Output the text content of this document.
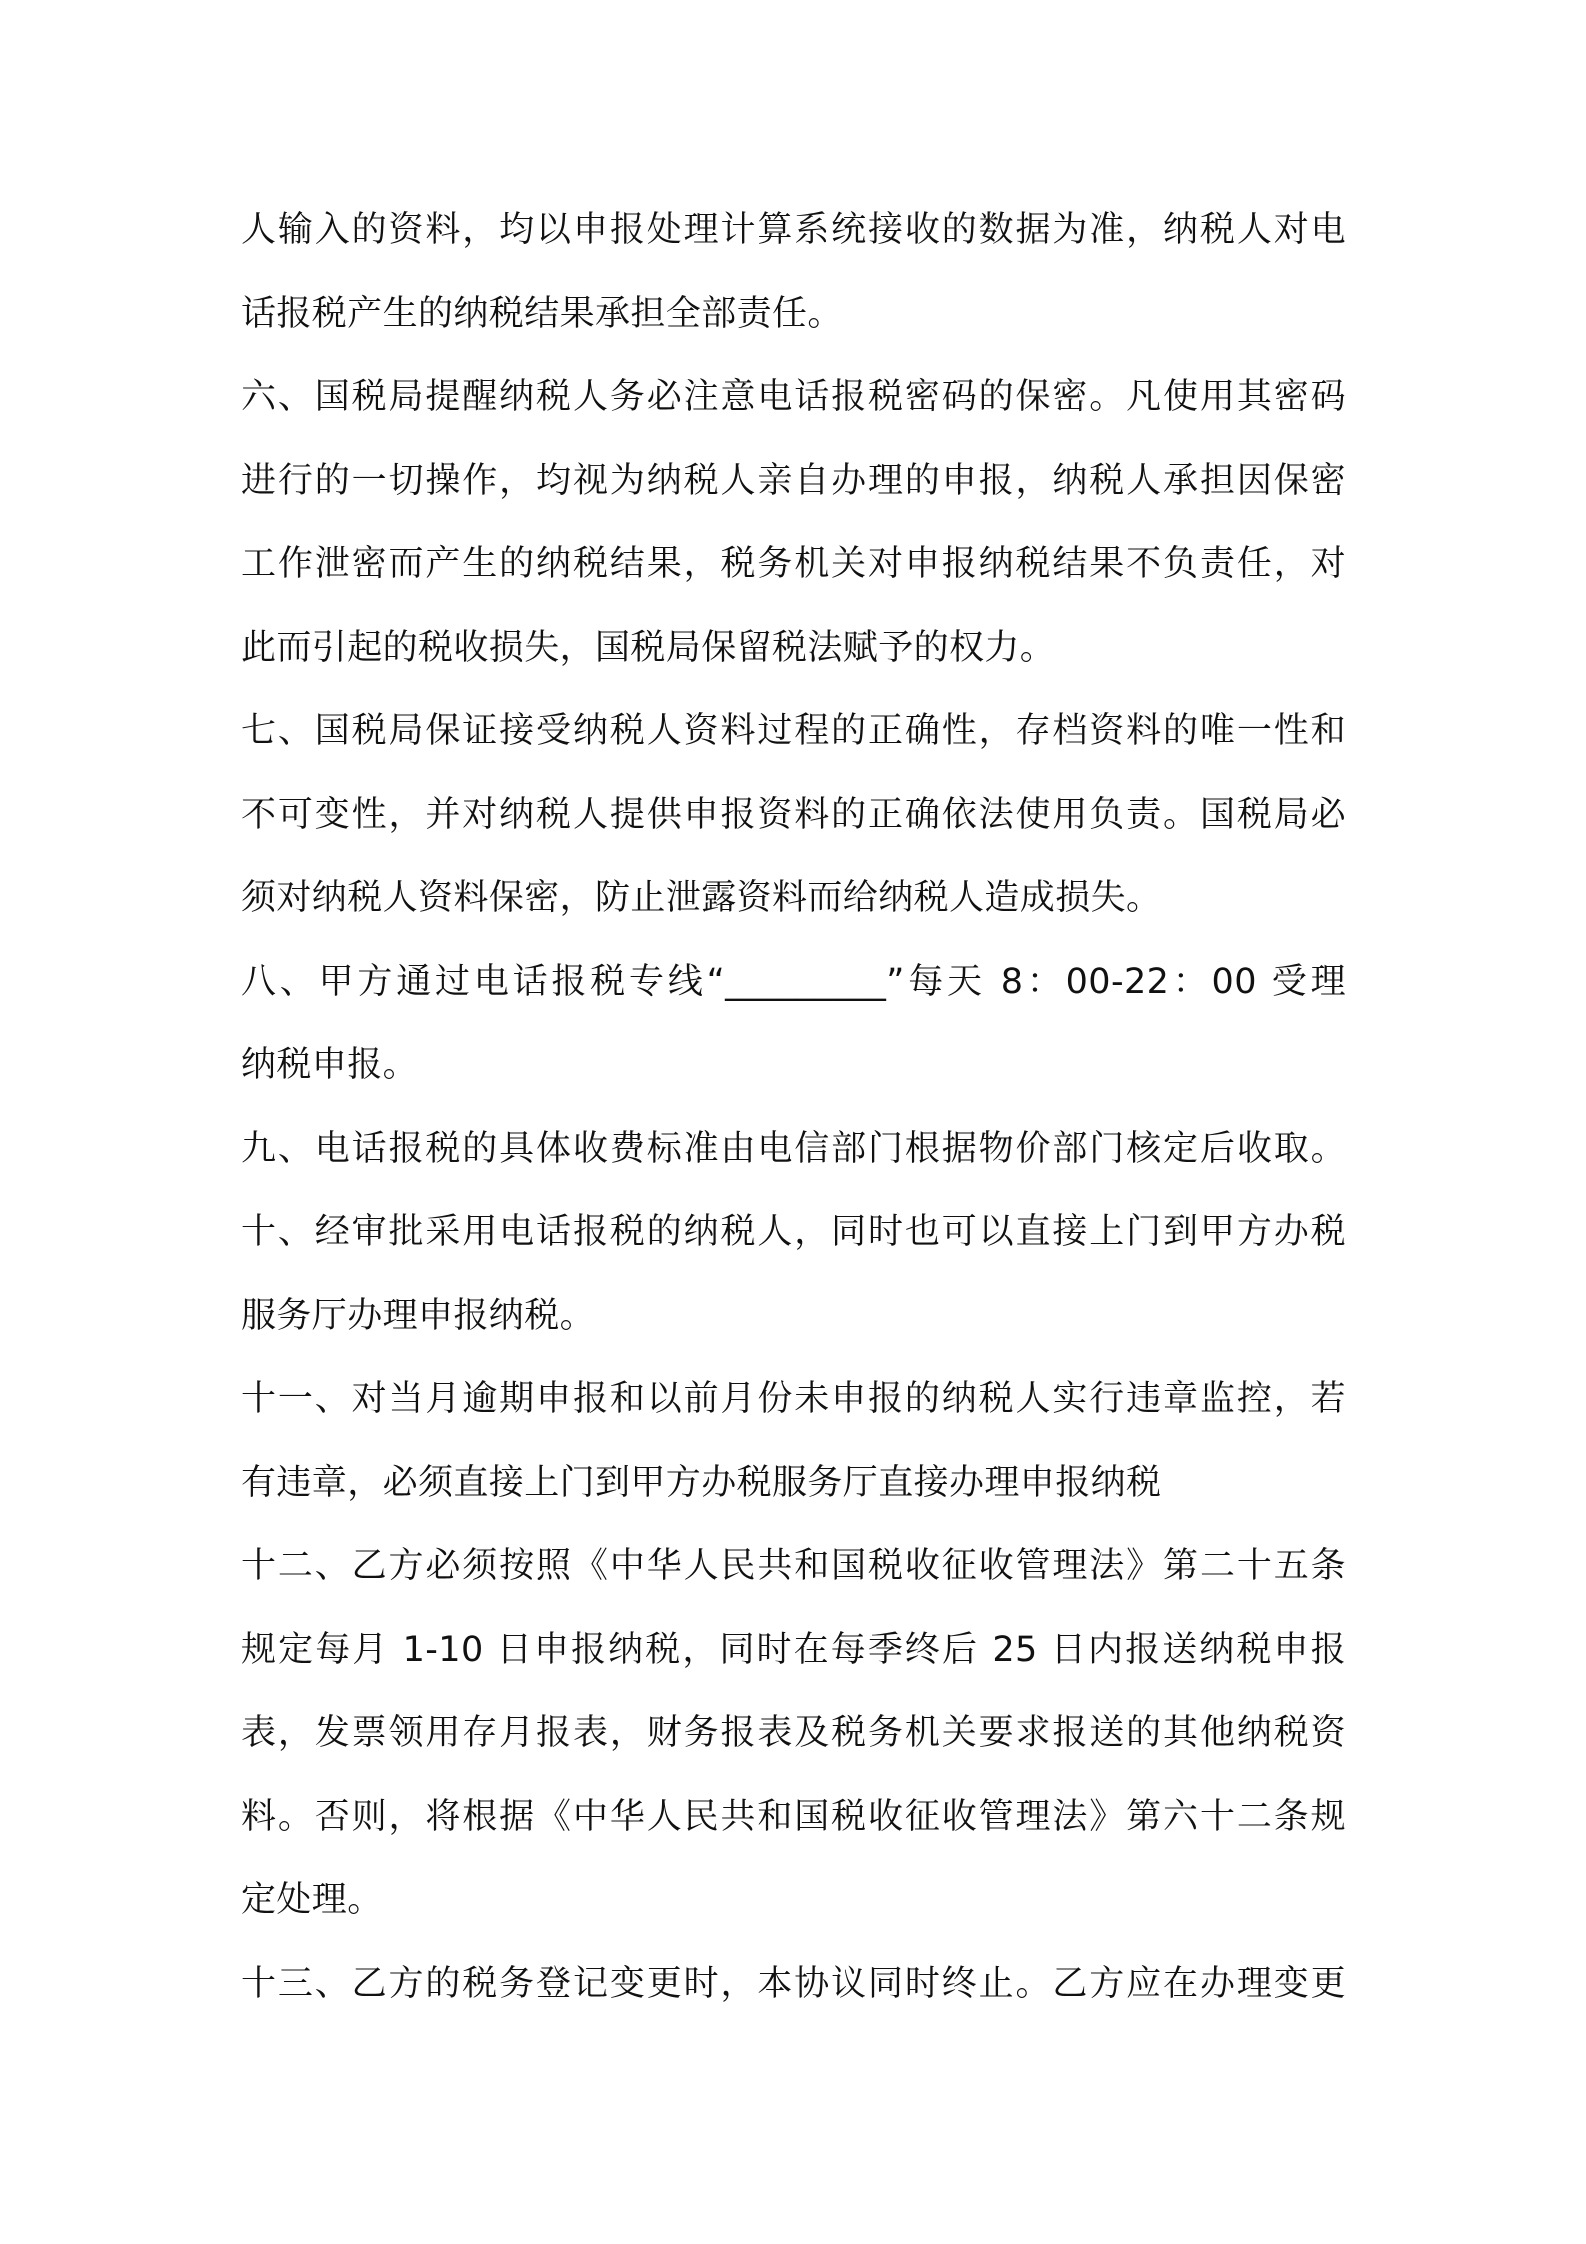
人输入的资料，均以申报处理计算系统接收的数据为准，纳税人对电
话报税产生的纳税结果承担全部责任。
六、国税局提醒纳税人务必注意电话报税密码的保密。凡使用其密码
进行的一切操作，均视为纳税人亲自办理的申报，纳税人承担因保密
工作泄密而产生的纳税结果，税务机关对申报纳税结果不负责任，对
此而引起的税收损失，国税局保留税法赋予的权力。
七、国税局保证接受纳税人资料过程的正确性，存档资料的唯一性和
不可变性，并对纳税人提供申报资料的正确依法使用负责。国税局必
须对纳税人资料保密，防止泄露资料而给纳税人造成损失。
八、甲方通过电话报税专线“_________”每天 8：00-22：00 受理
纳税申报。
九、电话报税的具体收费标准由电信部门根据物价部门核定后收取。
十、经审批采用电话报税的纳税人，同时也可以直接上门到甲方办税
服务厅办理申报纳税。
十一、对当月逾期申报和以前月份未申报的纳税人实行违章监控，若
有违章，必须直接上门到甲方办税服务厅直接办理申报纳税
十二、乙方必须按照《中华人民共和国税收征收管理法》第二十五条
规定每月 1-10 日申报纳税，同时在每季终后 25 日内报送纳税申报
表，发票领用存月报表，财务报表及税务机关要求报送的其他纳税资
料。否则，将根据《中华人民共和国税收征收管理法》第六十二条规
定处理。
十三、乙方的税务登记变更时，本协议同时终止。乙方应在办理变更
